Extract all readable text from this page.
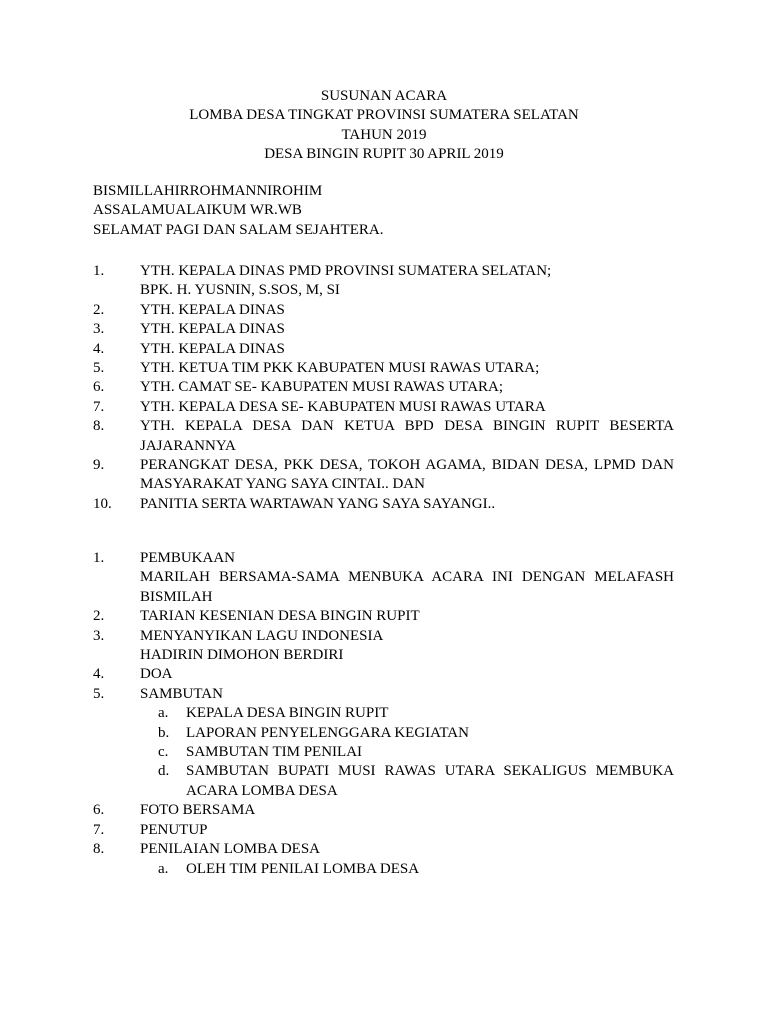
SUSUNAN ACARA
LOMBA DESA TINGKAT PROVINSI SUMATERA SELATAN
TAHUN 2019
DESA BINGIN RUPIT 30 APRIL 2019
BISMILLAHIRROHMANNIROHIM
ASSALAMUALAIKUM WR.WB
SELAMAT PAGI DAN SALAM SEJAHTERA.
1.	YTH. KEPALA DINAS PMD PROVINSI SUMATERA SELATAN;
BPK. H. YUSNIN, S.SOS, M, SI
2.	YTH. KEPALA DINAS
3.	YTH. KEPALA DINAS
4.	YTH. KEPALA DINAS
5.	YTH. KETUA TIM PKK KABUPATEN MUSI RAWAS UTARA;
6.	YTH. CAMAT SE- KABUPATEN MUSI RAWAS UTARA;
7.	YTH. KEPALA DESA SE- KABUPATEN MUSI RAWAS UTARA
8.	YTH. KEPALA DESA DAN KETUA BPD DESA BINGIN RUPIT BESERTA JAJARANNYA
9.	PERANGKAT DESA, PKK DESA, TOKOH AGAMA, BIDAN DESA, LPMD DAN MASYARAKAT YANG SAYA CINTAI.. DAN
10.	PANITIA SERTA WARTAWAN YANG SAYA SAYANGI..
1.	PEMBUKAAN
MARILAH BERSAMA-SAMA MENBUKA ACARA INI DENGAN MELAFASH BISMILAH
2.	TARIAN KESENIAN DESA BINGIN RUPIT
3.	MENYANYIKAN LAGU INDONESIA
HADIRIN DIMOHON BERDIRI
4.	DOA
5.	SAMBUTAN
a. KEPALA DESA BINGIN RUPIT
b. LAPORAN PENYELENGGARA KEGIATAN
c. SAMBUTAN TIM PENILAI
d. SAMBUTAN BUPATI MUSI RAWAS UTARA SEKALIGUS MEMBUKA ACARA LOMBA DESA
6.	FOTO BERSAMA
7.	PENUTUP
8.	PENILAIAN LOMBA DESA
a. OLEH TIM PENILAI LOMBA DESA
